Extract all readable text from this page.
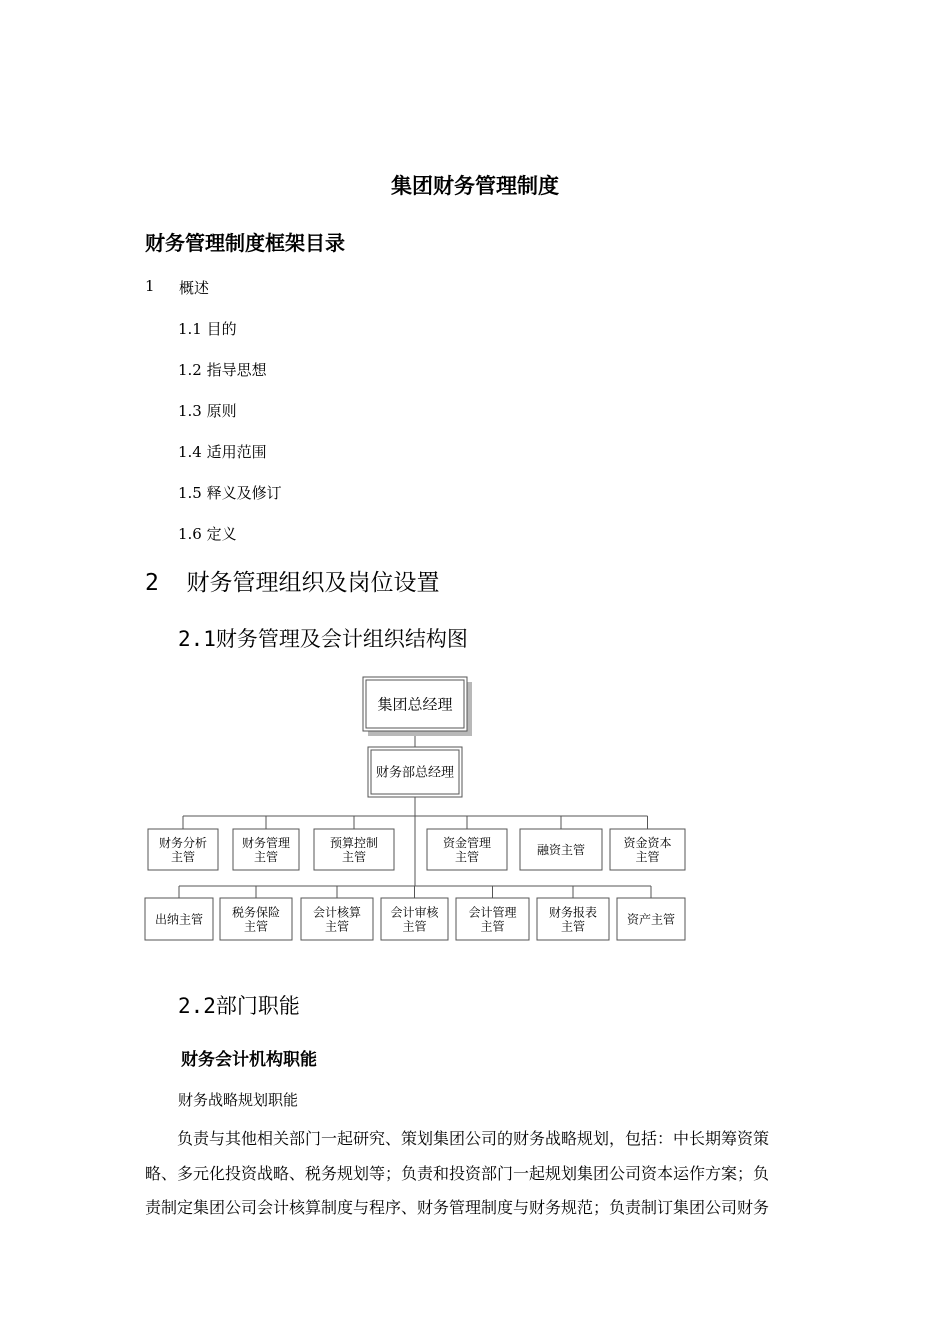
集团财务管理制度
财务管理制度框架目录
1 概述
1.1 目的
1.2 指导思想
1.3 原则
1.4 适用范围
1.5 释义及修订
1.6 定义
2  财务管理组织及岗位设置
2.1财务管理及会计组织结构图
集团总经理
财务部总经理
财务分析
主管
财务管理
主管
预算控制
主管
资金管理
主管	融资主管	资金资本
主管
出纳主管 税务保险
主管
会计核算
主管
会计审核
主管
会计管理
主管
财务报表
主管	资产主管
2.2部门职能
财务会计机构职能
财务战略规划职能
负责与其他相关部门一起研究、策划集团公司的财务战略规划，包括：中长期筹资策
略、多元化投资战略、税务规划等；负责和投资部门一起规划集团公司资本运作方案；负
责制定集团公司会计核算制度与程序、财务管理制度与财务规范；负责制订集团公司财务
